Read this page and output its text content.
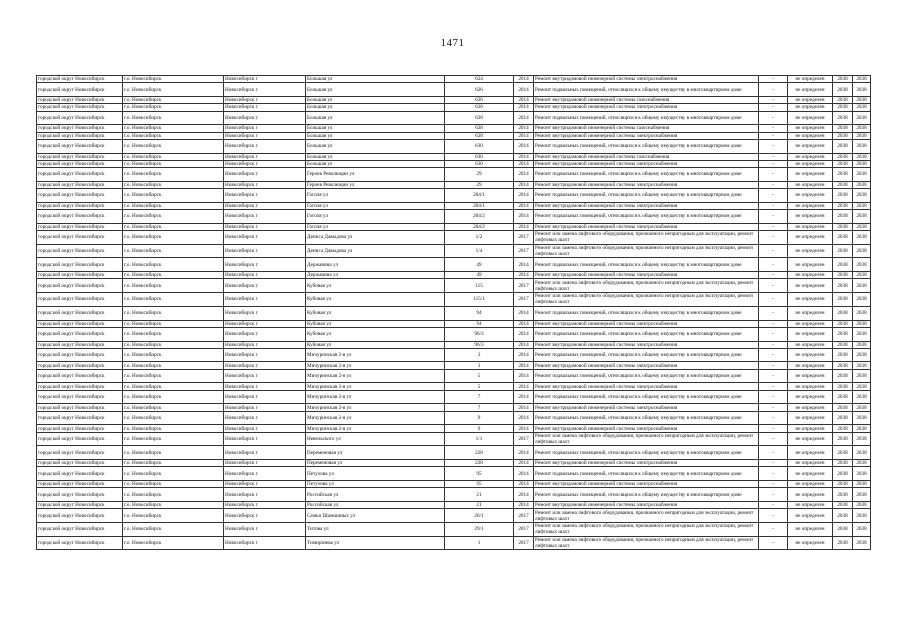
1471
городской округ Новосибирск	г.о. Новосибирск	Новосибирск г	Большая ул	624	2014	Ремонт внутридомовой инженерной системы электроснабжения	-	не определен	2038	2038
городской округ Новосибирск	г.о. Новосибирск	Новосибирск г	Большая ул	626	2014	Ремонт подвальных помещений, относящихся к общему имуществу в многоквартирном доме	-	не определен	2038	2038
городской округ Новосибирск	г.о. Новосибирск	Новосибирск г	Большая ул	626	2014	Ремонт внутридомовой инженерной системы газоснабжения	-	не определен	2038	2038
городской округ Новосибирск	г.о. Новосибирск	Новосибирск г	Большая ул	626	2014	Ремонт внутридомовой инженерной системы электроснабжения	-	не определен	2038	2038
городской округ Новосибирск	г.о. Новосибирск	Новосибирск г	Большая ул	628	2014	Ремонт подвальных помещений, относящихся к общему имуществу в многоквартирном доме	-	не определен	2038	2038
городской округ Новосибирск	г.о. Новосибирск	Новосибирск г	Большая ул	628	2014	Ремонт внутридомовой инженерной системы газоснабжения	-	не определен	2038	2038
городской округ Новосибирск	г.о. Новосибирск	Новосибирск г	Большая ул	628	2014	Ремонт внутридомовой инженерной системы электроснабжения	-	не определен	2038	2038
городской округ Новосибирск	г.о. Новосибирск	Новосибирск г	Большая ул	630	2014	Ремонт подвальных помещений, относящихся к общему имуществу в многоквартирном доме	-	не определен	2038	2038
городской округ Новосибирск	г.о. Новосибирск	Новосибирск г	Большая ул	630	2014	Ремонт внутридомовой инженерной системы газоснабжения	-	не определен	2038	2038
городской округ Новосибирск	г.о. Новосибирск	Новосибирск г	Большая ул	630	2014	Ремонт внутридомовой инженерной системы электроснабжения	-	не определен	2038	2038
городской округ Новосибирск	г.о. Новосибирск	Новосибирск г	Героев Революции ул	29	2014	Ремонт подвальных помещений, относящихся к общему имуществу в многоквартирном доме	-	не определен	2038	2038
городской округ Новосибирск	г.о. Новосибирск	Новосибирск г	Героев Революции ул	29	2014	Ремонт внутридомовой инженерной системы электроснабжения	-	не определен	2038	2038
городской округ Новосибирск	г.о. Новосибирск	Новосибирск г	Гоголя ул	204/1	2014	Ремонт подвальных помещений, относящихся к общему имуществу в многоквартирном доме	-	не определен	2038	2038
городской округ Новосибирск	г.о. Новосибирск	Новосибирск г	Гоголя ул	204/1	2014	Ремонт внутридомовой инженерной системы электроснабжения	-	не определен	2038	2038
городской округ Новосибирск	г.о. Новосибирск	Новосибирск г	Гоголя ул	204/2	2014	Ремонт подвальных помещений, относящихся к общему имуществу в многоквартирном доме	-	не определен	2038	2038
городской округ Новосибирск	г.о. Новосибирск	Новосибирск г	Гоголя ул	204/2	2014	Ремонт внутридомовой инженерной системы электроснабжения	-	не определен	2038	2038
городской округ Новосибирск	г.о. Новосибирск	Новосибирск г	Дениса Давыдова ул	1/2	2017	Ремонт или замена лифтового оборудования, признанного непригодным для эксплуатации, ремонт лифтовых шахт	-	не определен	2038	2038
городской округ Новосибирск	г.о. Новосибирск	Новосибирск г	Дениса Давыдова ул	1/4	2017	Ремонт или замена лифтового оборудования, признанного непригодным для эксплуатации, ремонт лифтовых шахт	-	не определен	2038	2038
городской округ Новосибирск	г.о. Новосибирск	Новосибирск г	Державина ул	49	2014	Ремонт подвальных помещений, относящихся к общему имуществу в многоквартирном доме	-	не определен	2038	2038
городской округ Новосибирск	г.о. Новосибирск	Новосибирск г	Державина ул	49	2014	Ремонт внутридомовой инженерной системы электроснабжения	-	не определен	2038	2038
городской округ Новосибирск	г.о. Новосибирск	Новосибирск г	Кубовая ул	115	2017	Ремонт или замена лифтового оборудования, признанного непригодным для эксплуатации, ремонт лифтовых шахт	-	не определен	2038	2038
городской округ Новосибирск	г.о. Новосибирск	Новосибирск г	Кубовая ул	115/1	2017	Ремонт или замена лифтового оборудования, признанного непригодным для эксплуатации, ремонт лифтовых шахт	-	не определен	2038	2038
городской округ Новосибирск	г.о. Новосибирск	Новосибирск г	Кубовая ул	94	2014	Ремонт подвальных помещений, относящихся к общему имуществу в многоквартирном доме	-	не определен	2038	2038
городской округ Новосибирск	г.о. Новосибирск	Новосибирск г	Кубовая ул	94	2014	Ремонт внутридомовой инженерной системы электроснабжения	-	не определен	2038	2038
городской округ Новосибирск	г.о. Новосибирск	Новосибирск г	Кубовая ул	96/3	2014	Ремонт подвальных помещений, относящихся к общему имуществу в многоквартирном доме	-	не определен	2038	2038
городской округ Новосибирск	г.о. Новосибирск	Новосибирск г	Кубовая ул	96/3	2014	Ремонт внутридомовой инженерной системы электроснабжения	-	не определен	2038	2038
городской округ Новосибирск	г.о. Новосибирск	Новосибирск г	Мичуринская 2-я ул	3	2014	Ремонт подвальных помещений, относящихся к общему имуществу в многоквартирном доме	-	не определен	2038	2038
городской округ Новосибирск	г.о. Новосибирск	Новосибирск г	Мичуринская 2-я ул	3	2014	Ремонт внутридомовой инженерной системы электроснабжения	-	не определен	2038	2038
городской округ Новосибирск	г.о. Новосибирск	Новосибирск г	Мичуринская 2-я ул	5	2014	Ремонт подвальных помещений, относящихся к общему имуществу в многоквартирном доме	-	не определен	2038	2038
городской округ Новосибирск	г.о. Новосибирск	Новосибирск г	Мичуринская 2-я ул	5	2014	Ремонт внутридомовой инженерной системы электроснабжения	-	не определен	2038	2038
городской округ Новосибирск	г.о. Новосибирск	Новосибирск г	Мичуринская 2-я ул	7	2014	Ремонт подвальных помещений, относящихся к общему имуществу в многоквартирном доме	-	не определен	2038	2038
городской округ Новосибирск	г.о. Новосибирск	Новосибирск г	Мичуринская 2-я ул	7	2014	Ремонт внутридомовой инженерной системы электроснабжения	-	не определен	2038	2038
городской округ Новосибирск	г.о. Новосибирск	Новосибирск г	Мичуринская 2-я ул	9	2014	Ремонт подвальных помещений, относящихся к общему имуществу в многоквартирном доме	-	не определен	2038	2038
городской округ Новосибирск	г.о. Новосибирск	Новосибирск г	Мичуринская 2-я ул	9	2014	Ремонт внутридомовой инженерной системы электроснабжения	-	не определен	2038	2038
городской округ Новосибирск	г.о. Новосибирск	Новосибирск г	Невельского ул	1/1	2017	Ремонт или замена лифтового оборудования, признанного непригодным для эксплуатации, ремонт лифтовых шахт	-	не определен	2038	2038
городской округ Новосибирск	г.о. Новосибирск	Новосибирск г	Переменовая ул	228	2014	Ремонт подвальных помещений, относящихся к общему имуществу в многоквартирном доме	-	не определен	2038	2038
городской округ Новосибирск	г.о. Новосибирск	Новосибирск г	Переменовая ул	228	2014	Ремонт внутридомовой инженерной системы электроснабжения	-	не определен	2038	2038
городской округ Новосибирск	г.о. Новосибирск	Новосибирск г	Петухова ул	95	2014	Ремонт подвальных помещений, относящихся к общему имуществу в многоквартирном доме	-	не определен	2038	2038
городской округ Новосибирск	г.о. Новосибирск	Новосибирск г	Петухова ул	95	2014	Ремонт внутридомовой инженерной системы электроснабжения	-	не определен	2038	2038
городской округ Новосибирск	г.о. Новосибирск	Новосибирск г	Российская ул	21	2014	Ремонт подвальных помещений, относящихся к общему имуществу в многоквартирном доме	-	не определен	2038	2038
городской округ Новосибирск	г.о. Новосибирск	Новосибирск г	Российская ул	21	2014	Ремонт внутридомовой инженерной системы электроснабжения	-	не определен	2038	2038
городской округ Новосибирск	г.о. Новосибирск	Новосибирск г	Семьи Шамшиных ул	26/1	2017	Ремонт или замена лифтового оборудования, признанного непригодным для эксплуатации, ремонт лифтовых шахт	-	не определен	2038	2038
городской округ Новосибирск	г.о. Новосибирск	Новосибирск г	Титова ул	29/1	2017	Ремонт или замена лифтового оборудования, признанного непригодным для эксплуатации, ремонт лифтовых шахт	-	не определен	2038	2038
городской округ Новосибирск	г.о. Новосибирск	Новосибирск г	Тимирязева ул	1	2017	Ремонт или замена лифтового оборудования, признанного непригодным для эксплуатации, ремонт лифтовых шахт	-	не определен	2038	2038
